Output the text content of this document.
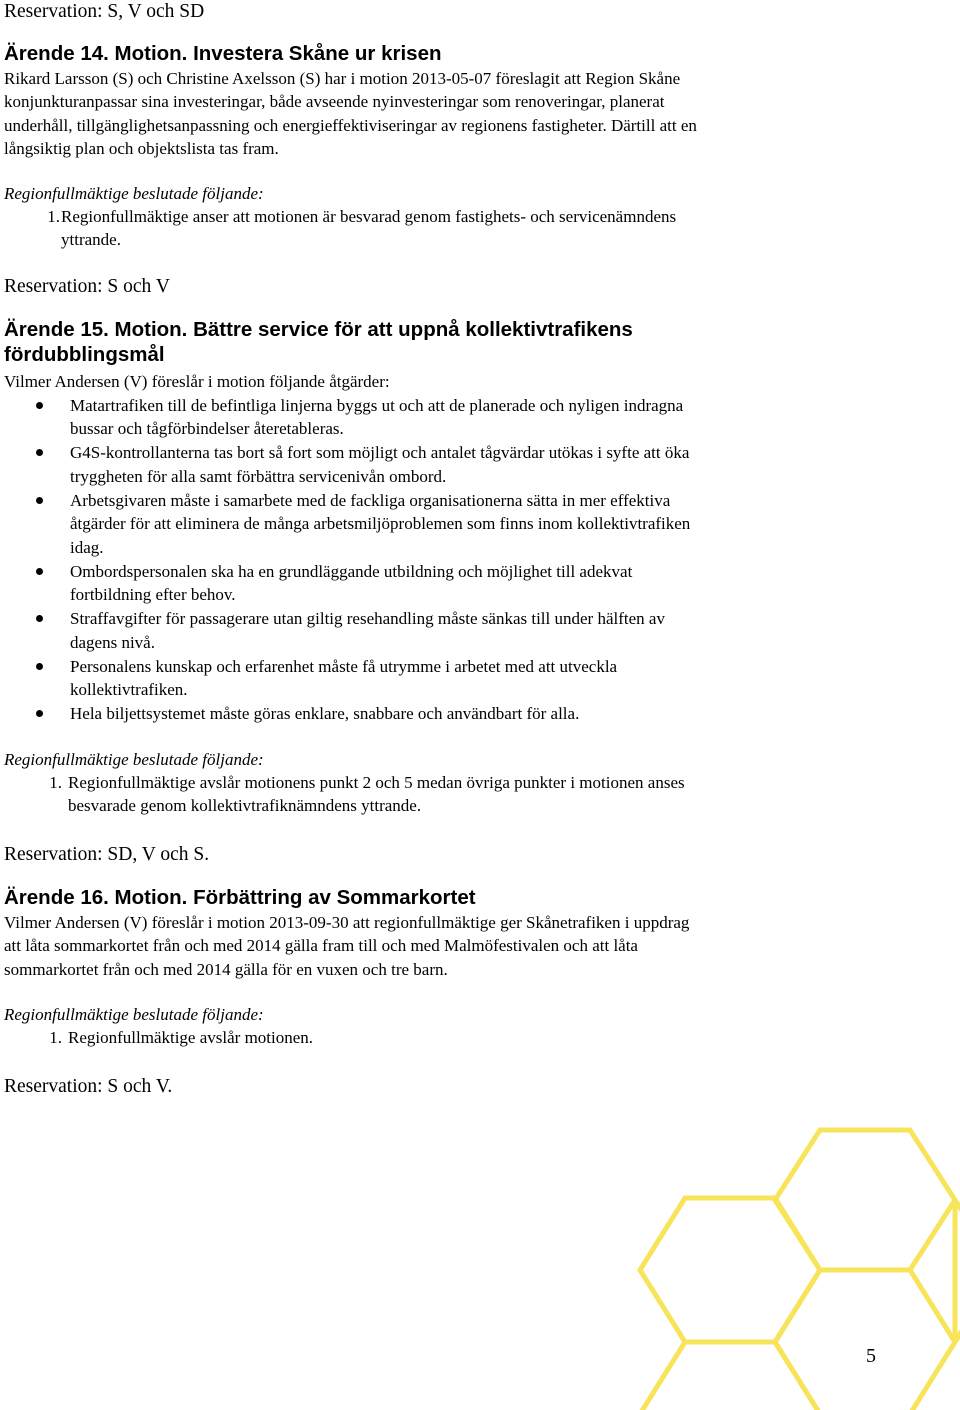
Reservation: S, V och SD

Ärende 14. Motion. Investera Skåne ur krisen

Rikard Larsson (S) och Christine Axelsson (S) har i motion 2013-05-07 föreslagit att Region Skåne

konjunkturanpassar sina investeringar, både avseende nyinvesteringar som renoveringar, planerat

underhåll, tillgänglighetsanpassning och energieffektiviseringar av regionens fastigheter. Därtill att en

långsiktig plan och objektslista tas fram.

Regionfullmäktige beslutade följande:

1. Regionfullmäktige anser att motionen är besvarad genom fastighets- och servicenämndens
yttrande.

Reservation: S och V

Ärende 15. Motion. Bättre service för att uppnå kollektivtrafikens
fördubblingsmål

Vilmer Andersen (V) föreslår i motion följande åtgärder:

Matartrafiken till de befintliga linjerna byggs ut och att de planerade och nyligen indragna
bussar och tågförbindelser återetableras.
G4S-kontrollanterna tas bort så fort som möjligt och antalet tågvärdar utökas i syfte att öka
tryggheten för alla samt förbättra servicenivån ombord.
Arbetsgivaren måste i samarbete med de fackliga organisationerna sätta in mer effektiva
åtgärder för att eliminera de många arbetsmiljöproblemen som finns inom kollektivtrafiken
idag.
Ombordspersonalen ska ha en grundläggande utbildning och möjlighet till adekvat
fortbildning efter behov.
Straffavgifter för passagerare utan giltig resehandling måste sänkas till under hälften av
dagens nivå.
Personalens kunskap och erfarenhet måste få utrymme i arbetet med att utveckla
kollektivtrafiken.
Hela biljettsystemet måste göras enklare, snabbare och användbart för alla.

Regionfullmäktige beslutade följande:

1. Regionfullmäktige avslår motionens punkt 2 och 5 medan övriga punkter i motionen anses
besvarade genom kollektivtrafiknämndens yttrande.

Reservation: SD, V och S.

Ärende 16. Motion. Förbättring av Sommarkortet

Vilmer Andersen (V) föreslår i motion 2013-09-30 att regionfullmäktige ger Skånetrafiken i uppdrag

att låta sommarkortet från och med 2014 gälla fram till och med Malmöfestivalen och att låta

sommarkortet från och med 2014 gälla för en vuxen och tre barn.

Regionfullmäktige beslutade följande:

1. Regionfullmäktige avslår motionen.

Reservation: S och V.

5
